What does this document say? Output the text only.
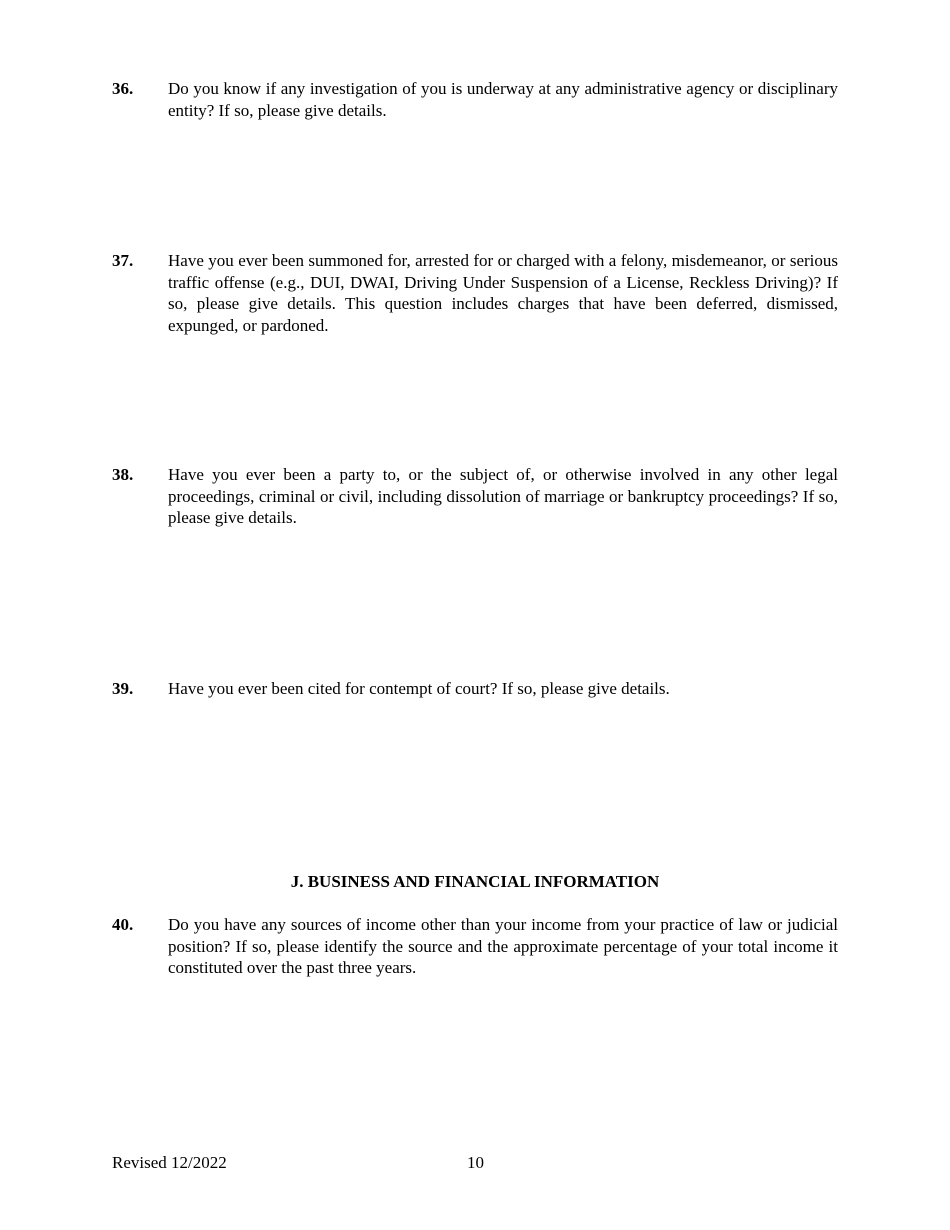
36. Do you know if any investigation of you is underway at any administrative agency or disciplinary entity? If so, please give details.
37. Have you ever been summoned for, arrested for or charged with a felony, misdemeanor, or serious traffic offense (e.g., DUI, DWAI, Driving Under Suspension of a License, Reckless Driving)? If so, please give details. This question includes charges that have been deferred, dismissed, expunged, or pardoned.
38. Have you ever been a party to, or the subject of, or otherwise involved in any other legal proceedings, criminal or civil, including dissolution of marriage or bankruptcy proceedings? If so, please give details.
39. Have you ever been cited for contempt of court? If so, please give details.
J. BUSINESS AND FINANCIAL INFORMATION
40. Do you have any sources of income other than your income from your practice of law or judicial position? If so, please identify the source and the approximate percentage of your total income it constituted over the past three years.
Revised 12/2022	10
